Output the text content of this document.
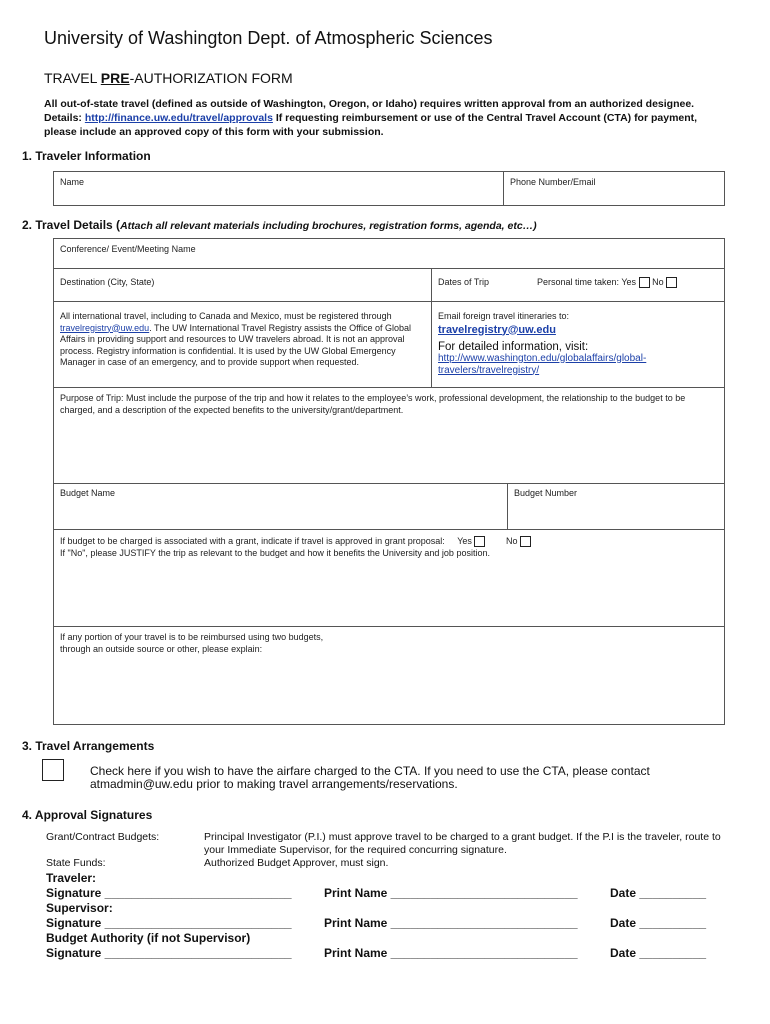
University of Washington Dept. of Atmospheric Sciences
TRAVEL PRE-AUTHORIZATION FORM
All out-of-state travel (defined as outside of Washington, Oregon, or Idaho) requires written approval from an authorized designee. Details: http://finance.uw.edu/travel/approvals If requesting reimbursement or use of the Central Travel Account (CTA) for payment, please include an approved copy of this form with your submission.
1. Traveler Information
Name	Phone Number/Email
2. Travel Details (Attach all relevant materials including brochures, registration forms, agenda, etc…)
Conference/ Event/Meeting Name
Destination (City, State)	Dates of Trip	Personal time taken: Yes No
All international travel, including to Canada and Mexico, must be registered through travelregistry@uw.edu. The UW International Travel Registry assists the Office of Global Affairs in providing support and resources to UW travelers abroad. It is not an approval process. Registry information is confidential. It is used by the UW Global Emergency Manager in case of an emergency, and to provide support when requested.
Email foreign travel itineraries to:
travelregistry@uw.edu
For detailed information, visit:
http://www.washington.edu/globalaffairs/global-travelers/travelregistry/
Purpose of Trip: Must include the purpose of the trip and how it relates to the employee’s work, professional development, the relationship to the budget to be charged, and a description of the expected benefits to the university/grant/department.
Budget Name	Budget Number
If budget to be charged is associated with a grant, indicate if travel is approved in grant proposal: Yes	No
If "No", please JUSTIFY the trip as relevant to the budget and how it benefits the University and job position.
If any portion of your travel is to be reimbursed using two budgets, through an outside source or other, please explain:
3. Travel Arrangements
Check here if you wish to have the airfare charged to the CTA. If you need to use the CTA, please contact atmadmin@uw.edu prior to making travel arrangements/reservations.
4. Approval Signatures
Grant/Contract Budgets:	Principal Investigator (P.I.) must approve travel to be charged to a grant budget. If the P.I is the traveler, route to your Immediate Supervisor, for the required concurring signature.
State Funds:	Authorized Budget Approver, must sign.
Traveler:
Signature ____________________________	Print Name ____________________________	Date __________
Supervisor:
Signature ____________________________	Print Name ____________________________	Date __________
Budget Authority (if not Supervisor)
Signature ____________________________	Print Name ____________________________	Date __________
